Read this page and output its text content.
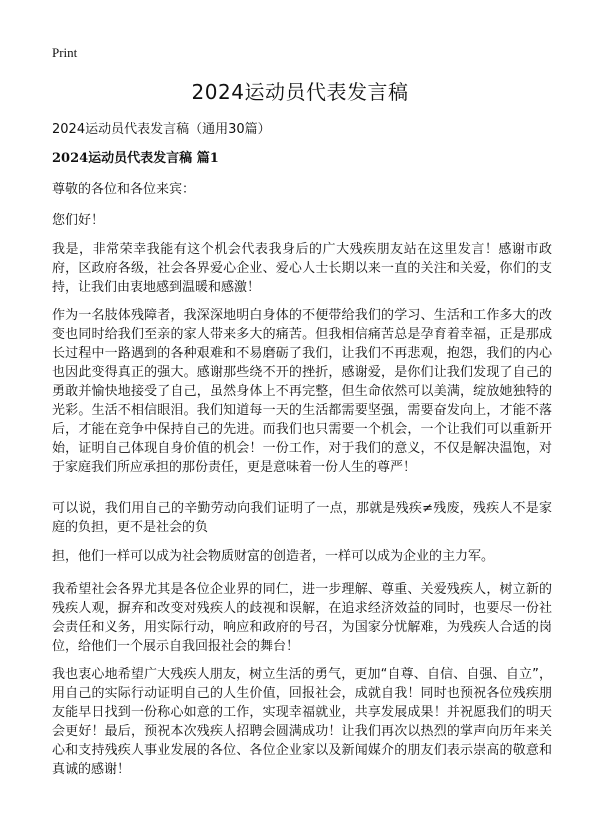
Print
2024运动员代表发言稿
2024运动员代表发言稿（通用30篇）
2024运动员代表发言稿 篇1

尊敬的各位和各位来宾：

您们好！

我是，非常荣幸我能有这个机会代表我身后的广大残疾朋友站在这里发言！感谢市政府，区政府各级，社会各界爱心企业、爱心人士长期以来一直的关注和关爱，你们的支持，让我们由衷地感到温暖和感激！

作为一名肢体残障者，我深深地明白身体的不便带给我们的学习、生活和工作多大的改变也同时给我们至亲的家人带来多大的痛苦。但我相信痛苦总是孕育着幸福，正是那成长过程中一路遇到的各种艰难和不易磨砺了我们，让我们不再悲观，抱怨，我们的内心也因此变得真正的强大。感谢那些绕不开的挫折，感谢爱，是你们让我们发现了自己的勇敢并愉快地接受了自己，虽然身体上不再完整，但生命依然可以美满，绽放她独特的光彩。生活不相信眼泪。我们知道每一天的生活都需要坚强，需要奋发向上，才能不落后，才能在竞争中保持自己的先进。而我们也只需要一个机会，一个让我们可以重新开始，证明自己体现自身价值的机会！一份工作，对于我们的意义，不仅是解决温饱，对于家庭我们所应承担的那份责任，更是意味着一份人生的尊严！

可以说，我们用自己的辛勤劳动向我们证明了一点，那就是残疾≠残废，残疾人不是家庭的负担，更不是社会的负

担，他们一样可以成为社会物质财富的创造者，一样可以成为企业的主力军。

我希望社会各界尤其是各位企业界的同仁，进一步理解、尊重、关爱残疾人，树立新的残疾人观，摒弃和改变对残疾人的歧视和误解，在追求经济效益的同时，也要尽一份社会责任和义务，用实际行动，响应和政府的号召，为国家分忧解难，为残疾人合适的岗位，给他们一个展示自我回报社会的舞台！

我也衷心地希望广大残疾人朋友，树立生活的勇气，更加“自尊、自信、自强、自立”，用自己的实际行动证明自己的人生价值，回报社会，成就自我！同时也预祝各位残疾朋友能早日找到一份称心如意的工作，实现幸福就业，共享发展成果！并祝愿我们的明天会更好！最后，预祝本次残疾人招聘会圆满成功！让我们再次以热烈的掌声向历年来关心和支持残疾人事业发展的各位、各位企业家以及新闻媒介的朋友们表示崇高的敬意和真诚的感谢！
